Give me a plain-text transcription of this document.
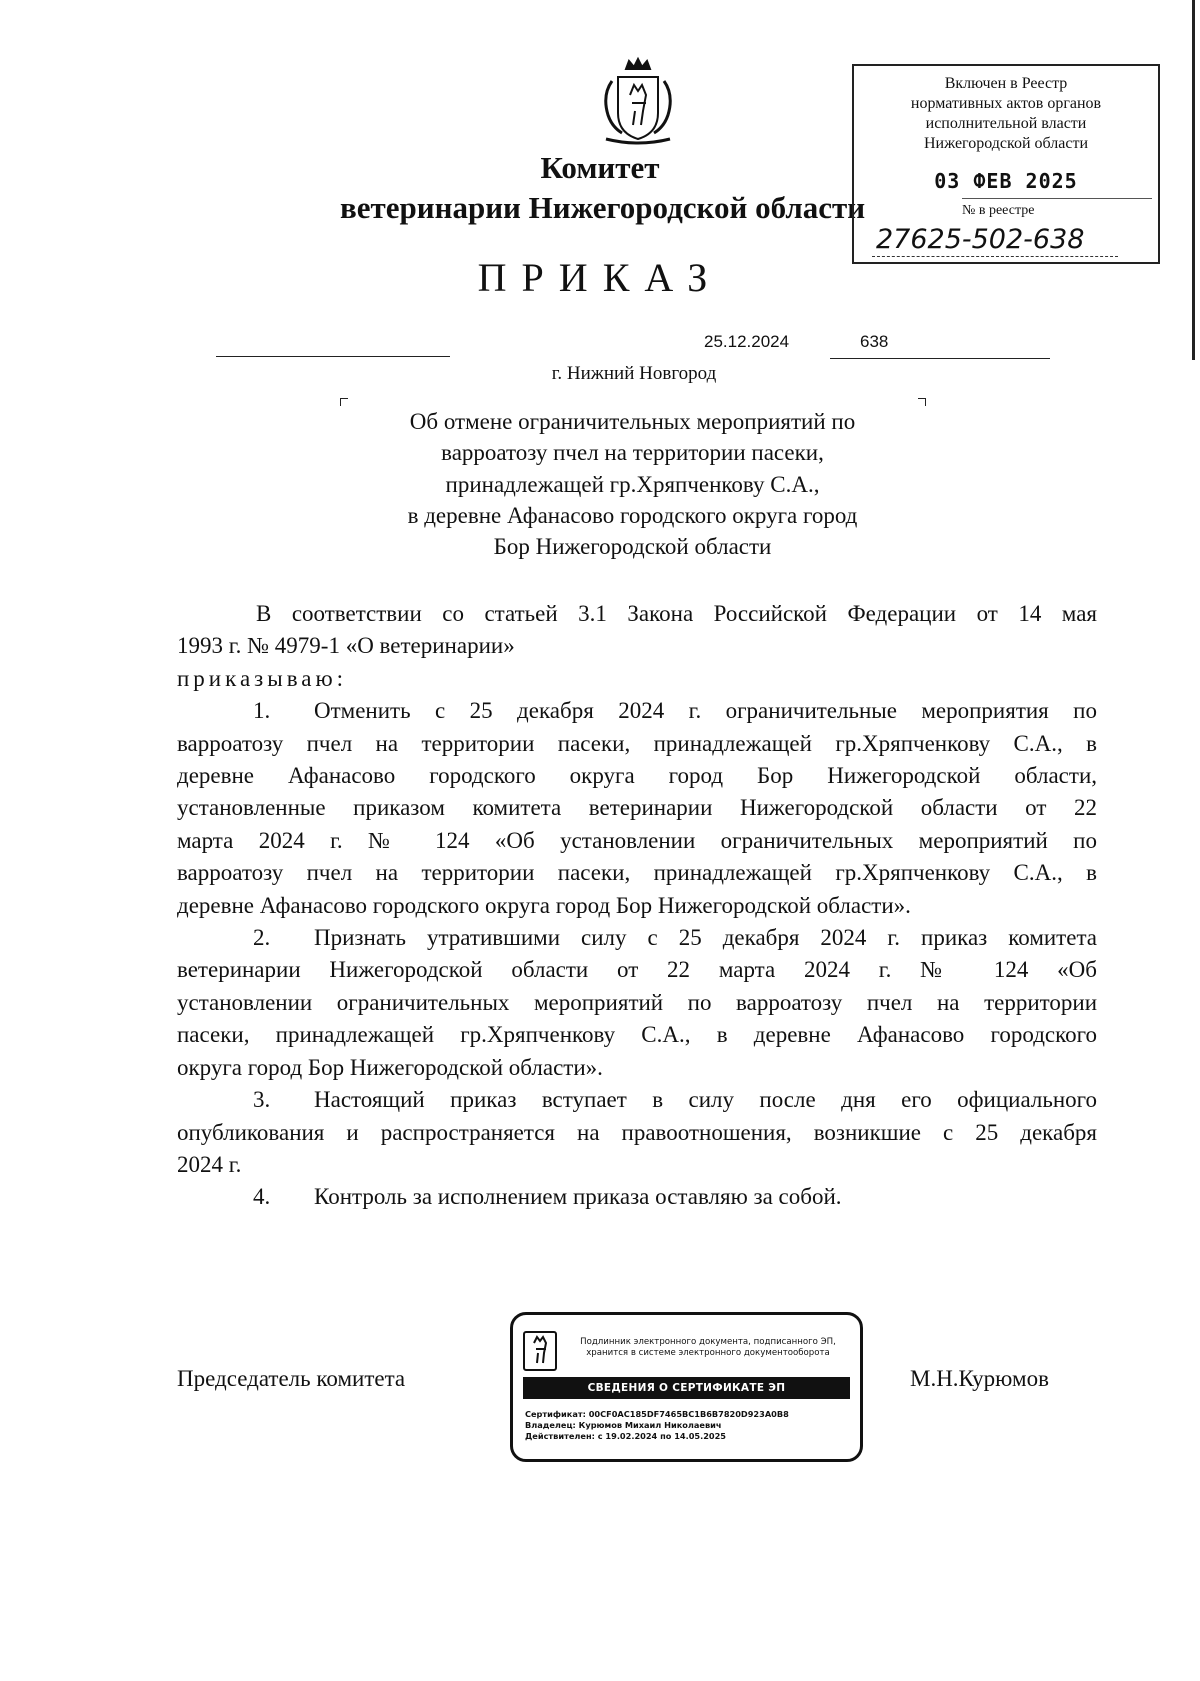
Комитет
ветеринарии Нижегородской области
ПРИКАЗ
Включен в Реестр
нормативных актов органов
исполнительной власти
Нижегородской области
03 ФЕВ 2025
№ в реестре
27625-502-638
25.12.2024	638
г. Нижний Новгород
Об отмене ограничительных мероприятий по
варроатозу пчел на территории пасеки,
принадлежащей гр.Хряпченкову С.А.,
в деревне Афанасово городского округа город
Бор Нижегородской области
В соответствии со статьей 3.1 Закона Российской Федерации от 14 мая
1993 г. № 4979-1 «О ветеринарии»
приказываю:
1. Отменить с 25 декабря 2024 г. ограничительные мероприятия по
варроатозу пчел на территории пасеки, принадлежащей гр.Хряпченкову С.А., в
деревне Афанасово городского округа город Бор Нижегородской области,
установленные приказом комитета ветеринарии Нижегородской области от 22
марта 2024 г. № 124 «Об установлении ограничительных мероприятий по
варроатозу пчел на территории пасеки, принадлежащей гр.Хряпченкову С.А., в
деревне Афанасово городского округа город Бор Нижегородской области».
2. Признать утратившими силу с 25 декабря 2024 г. приказ комитета
ветеринарии Нижегородской области от 22 марта 2024 г. № 124 «Об
установлении ограничительных мероприятий по варроатозу пчел на территории
пасеки, принадлежащей гр.Хряпченкову С.А., в деревне Афанасово городского
округа город Бор Нижегородской области».
3. Настоящий приказ вступает в силу после дня его официального
опубликования и распространяется на правоотношения, возникшие с 25 декабря
2024 г.
4. Контроль за исполнением приказа оставляю за собой.
Председатель комитета	М.Н.Курюмов
Подлинник электронного документа, подписанного ЭП,
хранится в системе электронного документооборота
СВЕДЕНИЯ О СЕРТИФИКАТЕ ЭП
Сертификат: 00CF0AC185DF7465BC1B6B7820D923A0B8
Владелец: Курюмов Михаил Николаевич
Действителен: с 19.02.2024 по 14.05.2025
